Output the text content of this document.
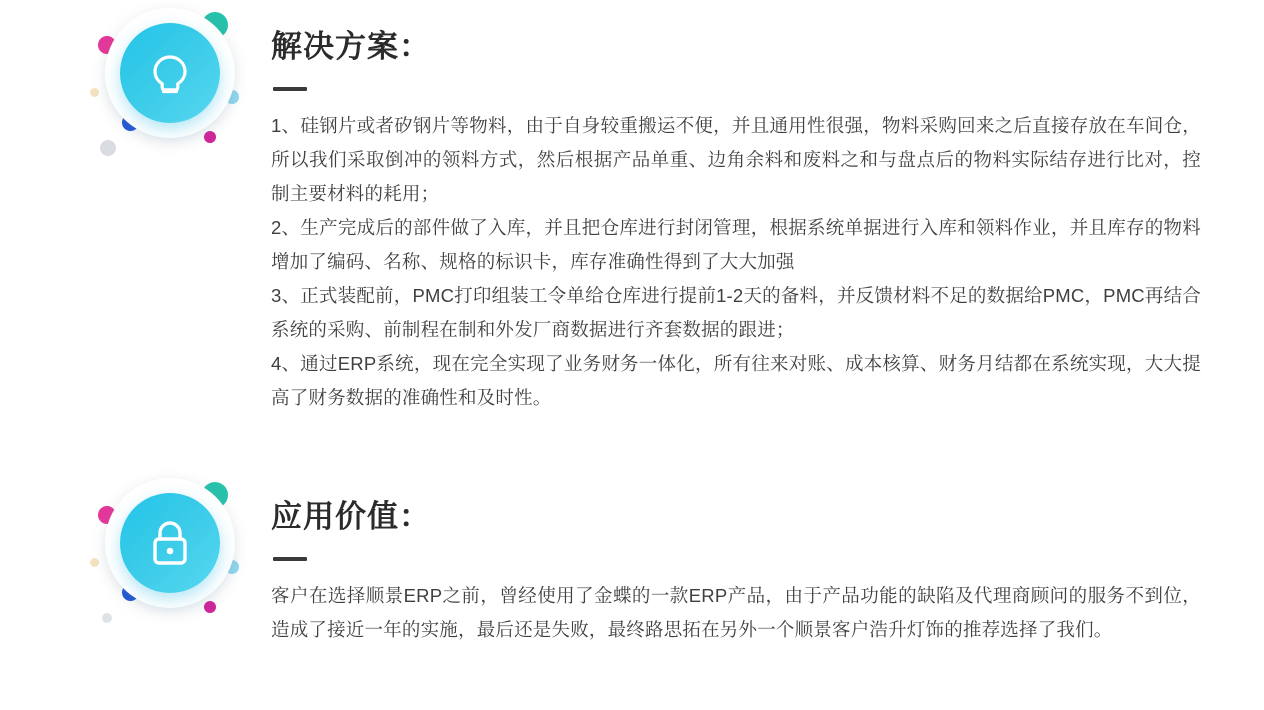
解决方案：

1、硅钢片或者矽钢片等物料，由于自身较重搬运不便，并且通用性很强，物料采购回来之后直接存放在车间仓，所以我们采取倒冲的领料方式，然后根据产品单重、边角余料和废料之和与盘点后的物料实际结存进行比对，控制主要材料的耗用；

2、生产完成后的部件做了入库，并且把仓库进行封闭管理，根据系统单据进行入库和领料作业，并且库存的物料增加了编码、名称、规格的标识卡，库存准确性得到了大大加强

3、正式装配前，PMC打印组装工令单给仓库进行提前1-2天的备料，并反馈材料不足的数据给PMC，PMC再结合系统的采购、前制程在制和外发厂商数据进行齐套数据的跟进；

4、通过ERP系统，现在完全实现了业务财务一体化，所有往来对账、成本核算、财务月结都在系统实现，大大提高了财务数据的准确性和及时性。

应用价值：

客户在选择顺景ERP之前，曾经使用了金蝶的一款ERP产品，由于产品功能的缺陷及代理商顾问的服务不到位，造成了接近一年的实施，最后还是失败，最终路思拓在另外一个顺景客户浩升灯饰的推荐选择了我们。
